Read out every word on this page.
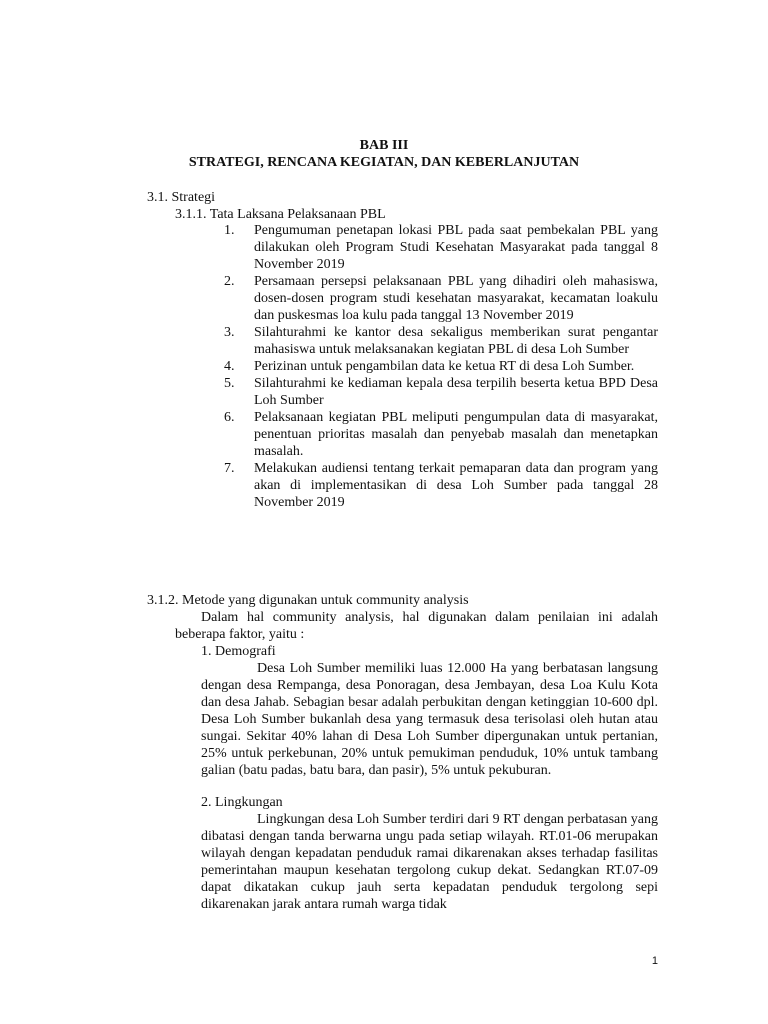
BAB III
STRATEGI, RENCANA KEGIATAN, DAN KEBERLANJUTAN
3.1. Strategi
3.1.1. Tata Laksana Pelaksanaan PBL
1. Pengumuman penetapan lokasi PBL pada saat pembekalan PBL yang dilakukan oleh Program Studi Kesehatan Masyarakat pada tanggal 8 November 2019
2. Persamaan persepsi pelaksanaan PBL yang dihadiri oleh mahasiswa, dosen-dosen program studi kesehatan masyarakat, kecamatan loakulu dan puskesmas loa kulu pada tanggal 13 November 2019
3. Silahturahmi ke kantor desa sekaligus memberikan surat pengantar mahasiswa untuk melaksanakan kegiatan PBL di desa Loh Sumber
4. Perizinan untuk pengambilan data ke ketua RT di desa Loh Sumber.
5. Silahturahmi ke kediaman kepala desa terpilih beserta ketua BPD Desa Loh Sumber
6. Pelaksanaan kegiatan PBL meliputi pengumpulan data di masyarakat, penentuan prioritas masalah dan penyebab masalah dan menetapkan masalah.
7. Melakukan audiensi tentang terkait pemaparan data dan program yang akan di implementasikan di desa Loh Sumber pada tanggal 28 November 2019
3.1.2. Metode yang digunakan untuk community analysis
Dalam hal community analysis, hal digunakan dalam penilaian ini adalah beberapa faktor, yaitu :
1. Demografi
Desa Loh Sumber memiliki luas 12.000 Ha yang berbatasan langsung dengan desa Rempanga, desa Ponoragan, desa Jembayan, desa Loa Kulu Kota dan desa Jahab. Sebagian besar adalah perbukitan dengan ketinggian 10-600 dpl. Desa Loh Sumber bukanlah desa yang termasuk desa terisolasi oleh hutan atau sungai. Sekitar 40% lahan di Desa Loh Sumber dipergunakan untuk pertanian, 25% untuk perkebunan, 20% untuk pemukiman penduduk, 10% untuk tambang galian (batu padas, batu bara, dan pasir), 5% untuk pekuburan.
2. Lingkungan
Lingkungan desa Loh Sumber terdiri dari 9 RT dengan perbatasan yang dibatasi dengan tanda berwarna ungu pada setiap wilayah. RT.01-06 merupakan wilayah dengan kepadatan penduduk ramai dikarenakan akses terhadap fasilitas pemerintahan maupun kesehatan tergolong cukup dekat. Sedangkan RT.07-09 dapat dikatakan cukup jauh serta kepadatan penduduk tergolong sepi dikarenakan jarak antara rumah warga tidak
1
